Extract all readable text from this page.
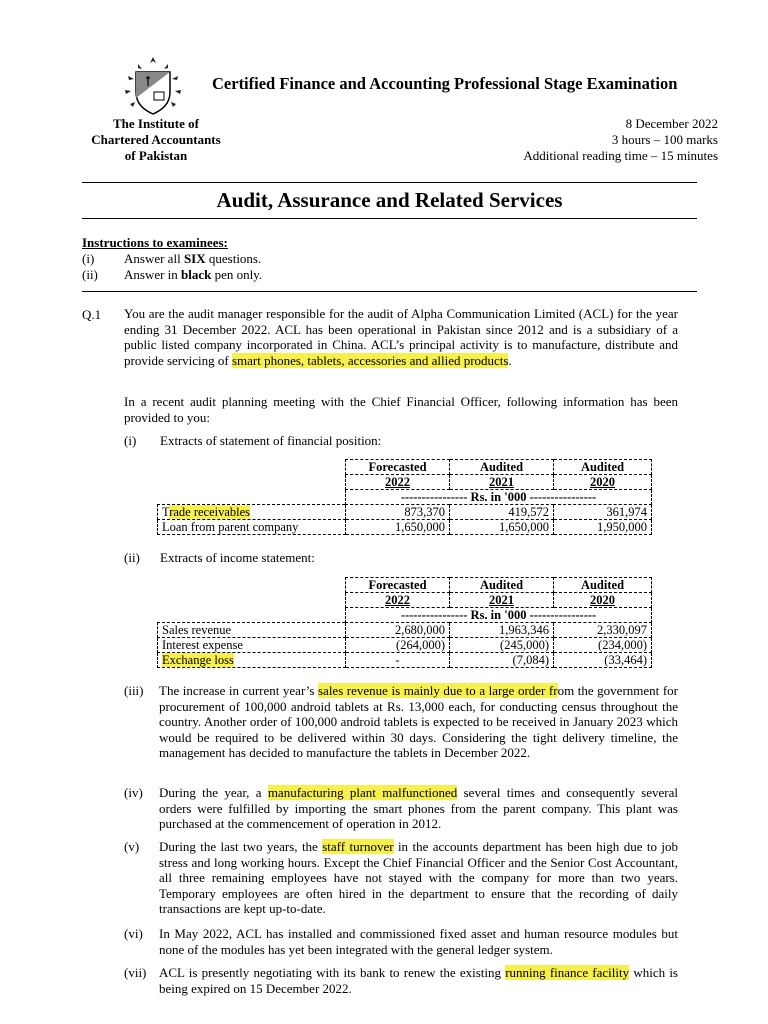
Certified Finance and Accounting Professional Stage Examination
The Institute of
Chartered Accountants
of Pakistan
8 December 2022
3 hours – 100 marks
Additional reading time – 15 minutes
Audit, Assurance and Related Services
Instructions to examinees:
(i) Answer all SIX questions.
(ii) Answer in black pen only.
Q.1 You are the audit manager responsible for the audit of Alpha Communication Limited (ACL) for the year ending 31 December 2022. ACL has been operational in Pakistan since 2012 and is a subsidiary of a public listed company incorporated in China. ACL’s principal activity is to manufacture, distribute and provide servicing of smart phones, tablets, accessories and allied products.
In a recent audit planning meeting with the Chief Financial Officer, following information has been provided to you:
(i) Extracts of statement of financial position:
	Forecasted	Audited	Audited
	2022	2021	2020
	---------------- Rs. in '000 ----------------		
Trade receivables	873,370	419,572	361,974
Loan from parent company	1,650,000	1,650,000	1,950,000
(ii) Extracts of income statement:
	Forecasted	Audited	Audited
	2022	2021	2020
	---------------- Rs. in '000 ----------------		
Sales revenue	2,680,000	1,963,346	2,330,097
Interest expense	(264,000)	(245,000)	(234,000)
Exchange loss	-	(7,084)	(33,464)
(iii)	The increase in current year’s sales revenue is mainly due to a large order from the government for procurement of 100,000 android tablets at Rs. 13,000 each, for conducting census throughout the country. Another order of 100,000 android tablets is expected to be received in January 2023 which would be required to be delivered within 30 days. Considering the tight delivery timeline, the management has decided to manufacture the tablets in December 2022.
(iv)	During the year, a manufacturing plant malfunctioned several times and consequently several orders were fulfilled by importing the smart phones from the parent company. This plant was purchased at the commencement of operation in 2012.
(v)	During the last two years, the staff turnover in the accounts department has been high due to job stress and long working hours. Except the Chief Financial Officer and the Senior Cost Accountant, all three remaining employees have not stayed with the company for more than two years. Temporary employees are often hired in the department to ensure that the recording of daily transactions are kept up-to-date.
(vi)	In May 2022, ACL has installed and commissioned fixed asset and human resource modules but none of the modules has yet been integrated with the general ledger system.
(vii) ACL is presently negotiating with its bank to renew the existing running finance facility which is being expired on 15 December 2022.
